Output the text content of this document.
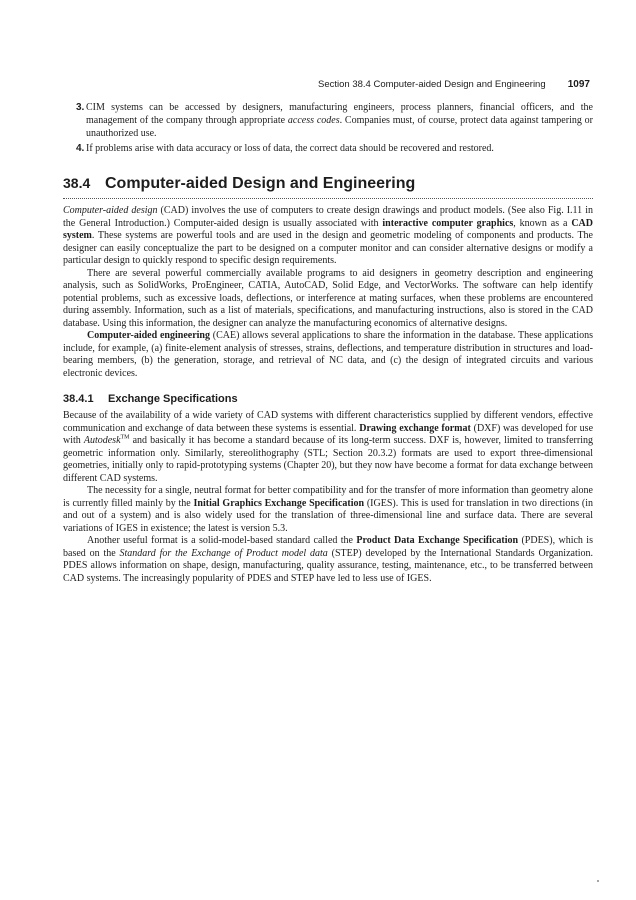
Section 38.4 Computer-aided Design and Engineering 1097
3. CIM systems can be accessed by designers, manufacturing engineers, process planners, financial officers, and the management of the company through appropriate access codes. Companies must, of course, protect data against tampering or unauthorized use.
4. If problems arise with data accuracy or loss of data, the correct data should be recovered and restored.
38.4 Computer-aided Design and Engineering

Computer-aided design (CAD) involves the use of computers to create design drawings and product models. (See also Fig. I.11 in the General Introduction.) Computer-aided design is usually associated with interactive computer graphics, known as a CAD system. These systems are powerful tools and are used in the design and geometric modeling of components and products. The designer can easily conceptualize the part to be designed on a computer monitor and can consider alternative designs or modify a particular design to quickly respond to specific design requirements.

There are several powerful commercially available programs to aid designers in geometry description and engineering analysis, such as SolidWorks, ProEngineer, CATIA, AutoCAD, Solid Edge, and VectorWorks. The software can help identify potential problems, such as excessive loads, deflections, or interference at mating surfaces, when these problems are encountered during assembly. Information, such as a list of materials, specifications, and manufacturing instructions, also is stored in the CAD database. Using this information, the designer can analyze the manufacturing economics of alternative designs.

Computer-aided engineering (CAE) allows several applications to share the information in the database. These applications include, for example, (a) finite-element analysis of stresses, strains, deflections, and temperature distribution in structures and load-bearing members, (b) the generation, storage, and retrieval of NC data, and (c) the design of integrated circuits and various electronic devices.

38.4.1 Exchange Specifications

Because of the availability of a wide variety of CAD systems with different characteristics supplied by different vendors, effective communication and exchange of data between these systems is essential. Drawing exchange format (DXF) was developed for use with Autodesk™ and basically it has become a standard because of its long-term success. DXF is, however, limited to transferring geometric information only. Similarly, stereolithography (STL; Section 20.3.2) formats are used to export three-dimensional geometries, initially only to rapid-prototyping systems (Chapter 20), but they now have become a format for data exchange between different CAD systems.

The necessity for a single, neutral format for better compatibility and for the transfer of more information than geometry alone is currently filled mainly by the Initial Graphics Exchange Specification (IGES). This is used for translation in two directions (in and out of a system) and is also widely used for the translation of three-dimensional line and surface data. There are several variations of IGES in existence; the latest is version 5.3.

Another useful format is a solid-model-based standard called the Product Data Exchange Specification (PDES), which is based on the Standard for the Exchange of Product model data (STEP) developed by the International Standards Organization. PDES allows information on shape, design, manufacturing, quality assurance, testing, maintenance, etc., to be transferred between CAD systems. The increasingly popularity of PDES and STEP have led to less use of IGES.
